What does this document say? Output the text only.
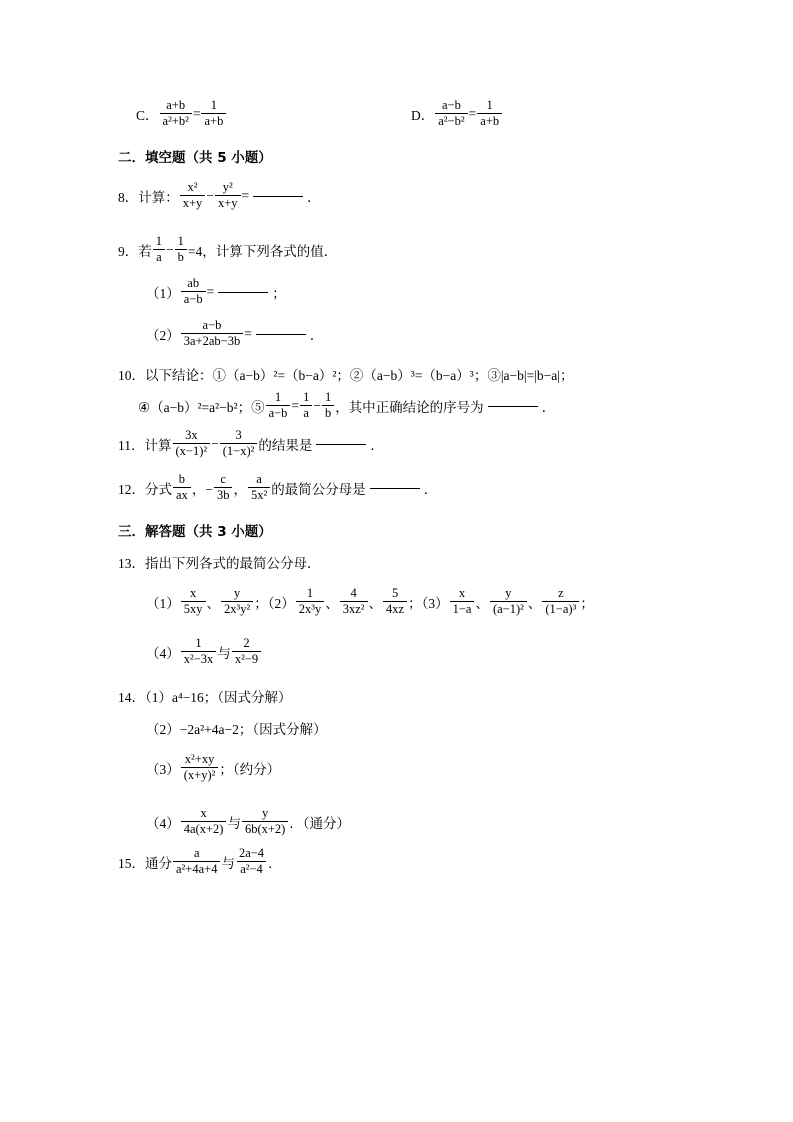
C． $\frac{a+b}{\text{a²+b²}} = \frac{1}{a+b}$	D． $\frac{a-b}{\text{a²−b²}} = \frac{1}{a+b}$
二．填空题（共 5 小题）
8．计算： $\frac{\text{x²}}{x+y} - \frac{\text{y²}}{x+y}$ =	．
9．若 $\frac{1}{a} - \frac{1}{b} =4$，计算下列各式的值．
$(1) \frac{ab}{a-b}$ =	；
$(2) \frac{a-b}{3a+2ab-3b}$ =	．
10．以下结论：①（a−b）²=（b−a）²；②（a−b）³=（b−a）³；③|a−b|=|b−a|；
④（a−b）²=a²−b²；⑤ $\frac{1}{a-b} = \frac{1}{a} - \frac{1}{b}$ ，其中正确结论的序号为	．
11．计算 $\frac{3x}{\text{(x−1)²}} - \frac{3}{\text{(1−x)²}}$ 的结果是	．
12．分式 $\frac{b}{ax}$ ，− $\frac{c}{3b}$ ， $\frac{a}{\text{5x²}}$ 的最简公分母是	．
三．解答题（共 3 小题）
13．指出下列各式的最简公分母．
$(1) \frac{x}{5xy}$ 、 $\frac{y}{\text{2x³y²}}$ ；$(2) \frac{1}{\text{2x³y}}$ 、 $\frac{4}{\text{3xz²}}$ 、 $\frac{5}{4xz}$ ；$(3) \frac{x}{1-a}$ 、 $\frac{y}{\text{(a−1)²}}$ 、 $\frac{z}{\text{(1−a)³}}$ ；
$(4) \frac{1}{\text{x²−3x}}$ 与 $\frac{2}{\text{x²−9}}$
14．（1）a⁴−16；（因式分解）
（2）−2a²+4a−2；（因式分解）
$(3) \frac{\text{x²+xy}}{\text{(x+y)²}}$ ；（约分）
$(4) \frac{x}{4a(x+2)}$ 与 $\frac{y}{6b(x+2)}$ ．（通分）
15．通分 $\frac{a}{\text{a²+4a+4}}$ 与 $\frac{2a-4}{\text{a²−4}}$ ．
